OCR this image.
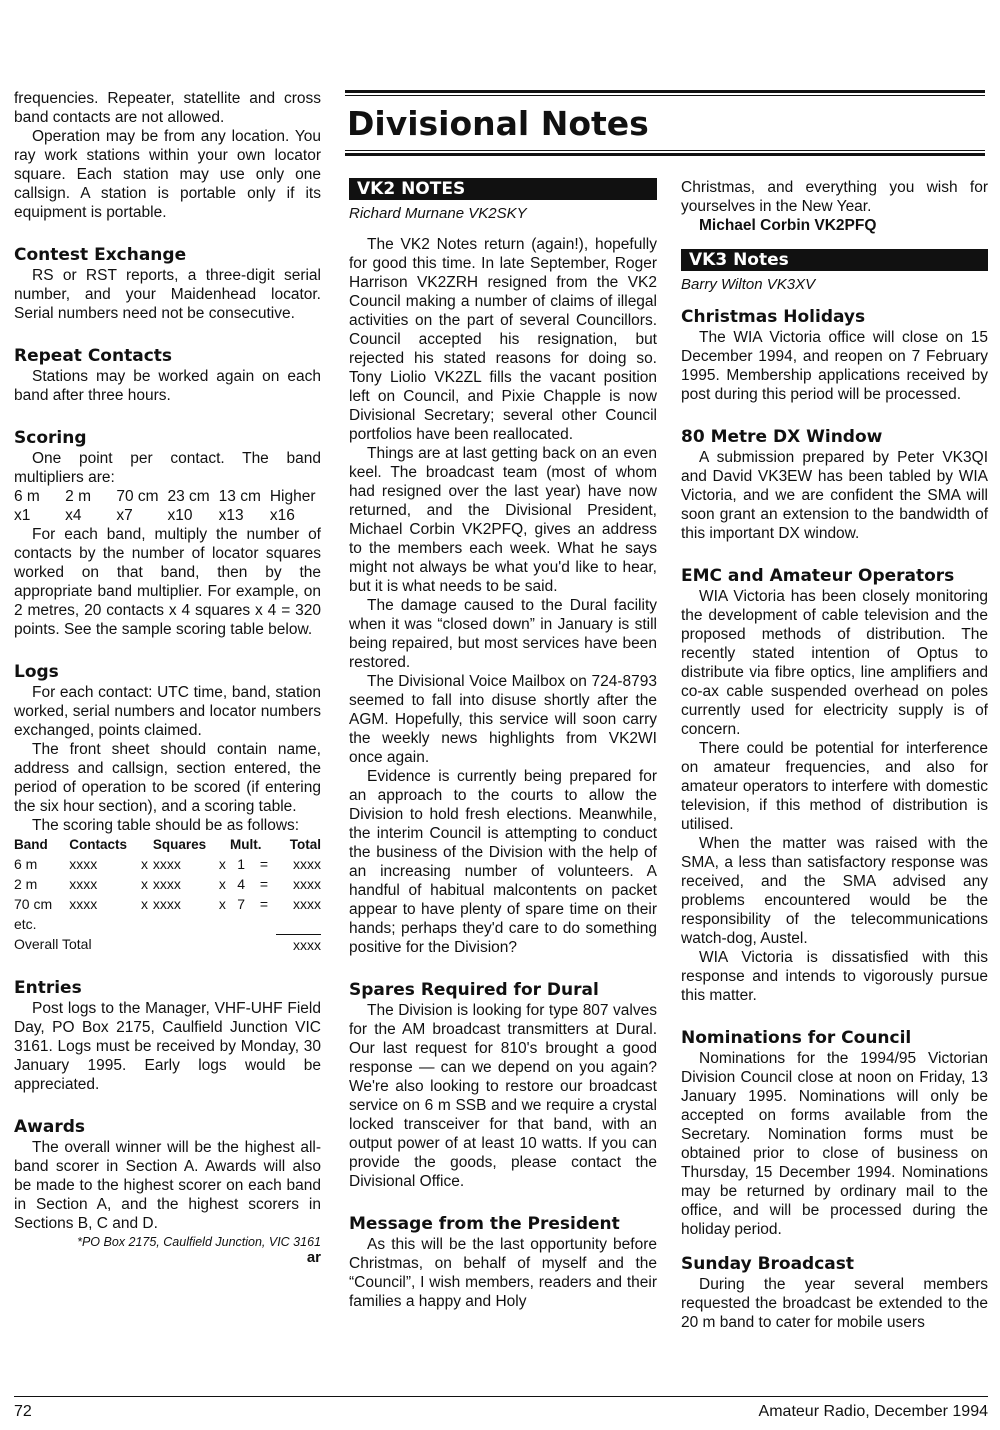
frequencies. Repeater, statellite and cross band contacts are not allowed.

Operation may be from any location. You ray work stations within your own locator square. Each station may use only one callsign. A station is portable only if its equipment is portable.

Contest Exchange

RS or RST reports, a three-digit serial number, and your Maidenhead locator. Serial numbers need not be consecutive.

Repeat Contacts

Stations may be worked again on each band after three hours.

Scoring

One point per contact. The band multipliers are:

6 m	2 m	70 cm 23 cm 13 cm Higher
x1	x4	x7	x10	x13	x16

For each band, multiply the number of contacts by the number of locator squares worked on that band, then by the appropriate band multiplier. For example, on 2 metres, 20 contacts x 4 squares x 4 = 320 points. See the sample scoring table below.

Logs

For each contact: UTC time, band, station worked, serial numbers and locator numbers exchanged, points claimed.

The front sheet should contain name, address and callsign, section entered, the period of operation to be scored (if entering the six hour section), and a scoring table.

The scoring table should be as follows:

Band	Contacts		Squares		Mult.		Total
6 m	xxxx	x	xxxx	x	1	=	xxxx
2 m	xxxx	x	xxxx	x	4	=	xxxx
70 cm	xxxx	x	xxxx	x	7	=	xxxx
etc.							
Overall Total							xxxx
Entries

Post logs to the Manager, VHF-UHF Field Day, PO Box 2175, Caulfield Junction VIC 3161. Logs must be received by Monday, 30 January 1995. Early logs would be appreciated.

Awards

The overall winner will be the highest all-band scorer in Section A. Awards will also be made to the highest scorer on each band in Section A, and the highest scorers in Sections B, C and D.

*PO Box 2175, Caulfield Junction, VIC 3161
ar
Divisional Notes
VK2 NOTES
Richard Murnane VK2SKY

The VK2 Notes return (again!), hopefully for good this time. In late September, Roger Harrison VK2ZRH resigned from the VK2 Council making a number of claims of illegal activities on the part of several Councillors. Council accepted his resignation, but rejected his stated reasons for doing so. Tony Liolio VK2ZL fills the vacant position left on Council, and Pixie Chapple is now Divisional Secretary; several other Council portfolios have been reallocated.

Things are at last getting back on an even keel. The broadcast team (most of whom had resigned over the last year) have now returned, and the Divisional President, Michael Corbin VK2PFQ, gives an address to the members each week. What he says might not always be what you'd like to hear, but it is what needs to be said.

The damage caused to the Dural facility when it was “closed down” in January is still being repaired, but most services have been restored.

The Divisional Voice Mailbox on 724-8793 seemed to fall into disuse shortly after the AGM. Hopefully, this service will soon carry the weekly news highlights from VK2WI once again.

Evidence is currently being prepared for an approach to the courts to allow the Division to hold fresh elections. Meanwhile, the interim Council is attempting to conduct the business of the Division with the help of an increasing number of volunteers. A handful of habitual malcontents on packet appear to have plenty of spare time on their hands; perhaps they'd care to do something positive for the Division?

Spares Required for Dural

The Division is looking for type 807 valves for the AM broadcast transmitters at Dural. Our last request for 810's brought a good response — can we depend on you again? We're also looking to restore our broadcast service on 6 m SSB and we require a crystal locked transceiver for that band, with an output power of at least 10 watts. If you can provide the goods, please contact the Divisional Office.

Message from the President

As this will be the last opportunity before Christmas, on behalf of myself and the “Council”, I wish members, readers and their families a happy and Holy

Christmas, and everything you wish for yourselves in the New Year.

Michael Corbin VK2PFQ
VK3 Notes
Barry Wilton VK3XV
Christmas Holidays

The WIA Victoria office will close on 15 December 1994, and reopen on 7 February 1995. Membership applications received by post during this period will be processed.

80 Metre DX Window

A submission prepared by Peter VK3QI and David VK3EW has been tabled by WIA Victoria, and we are confident the SMA will soon grant an extension to the bandwidth of this important DX window.

EMC and Amateur Operators

WIA Victoria has been closely monitoring the development of cable television and the proposed methods of distribution. The recently stated intention of Optus to distribute via fibre optics, line amplifiers and co-ax cable suspended overhead on poles currently used for electricity supply is of concern.

There could be potential for interference on amateur frequencies, and also for amateur operators to interfere with domestic television, if this method of distribution is utilised.

When the matter was raised with the SMA, a less than satisfactory response was received, and the SMA advised any problems encountered would be the responsibility of the telecommunications watch-dog, Austel.

WIA Victoria is dissatisfied with this response and intends to vigorously pursue this matter.

Nominations for Council

Nominations for the 1994/95 Victorian Division Council close at noon on Friday, 13 January 1995. Nominations will only be accepted on forms available from the Secretary. Nomination forms must be obtained prior to close of business on Thursday, 15 December 1994. Nominations may be returned by ordinary mail to the office, and will be processed during the holiday period.

Sunday Broadcast

During the year several members requested the broadcast be extended to the 20 m band to cater for mobile users

72	Amateur Radio, December 1994
